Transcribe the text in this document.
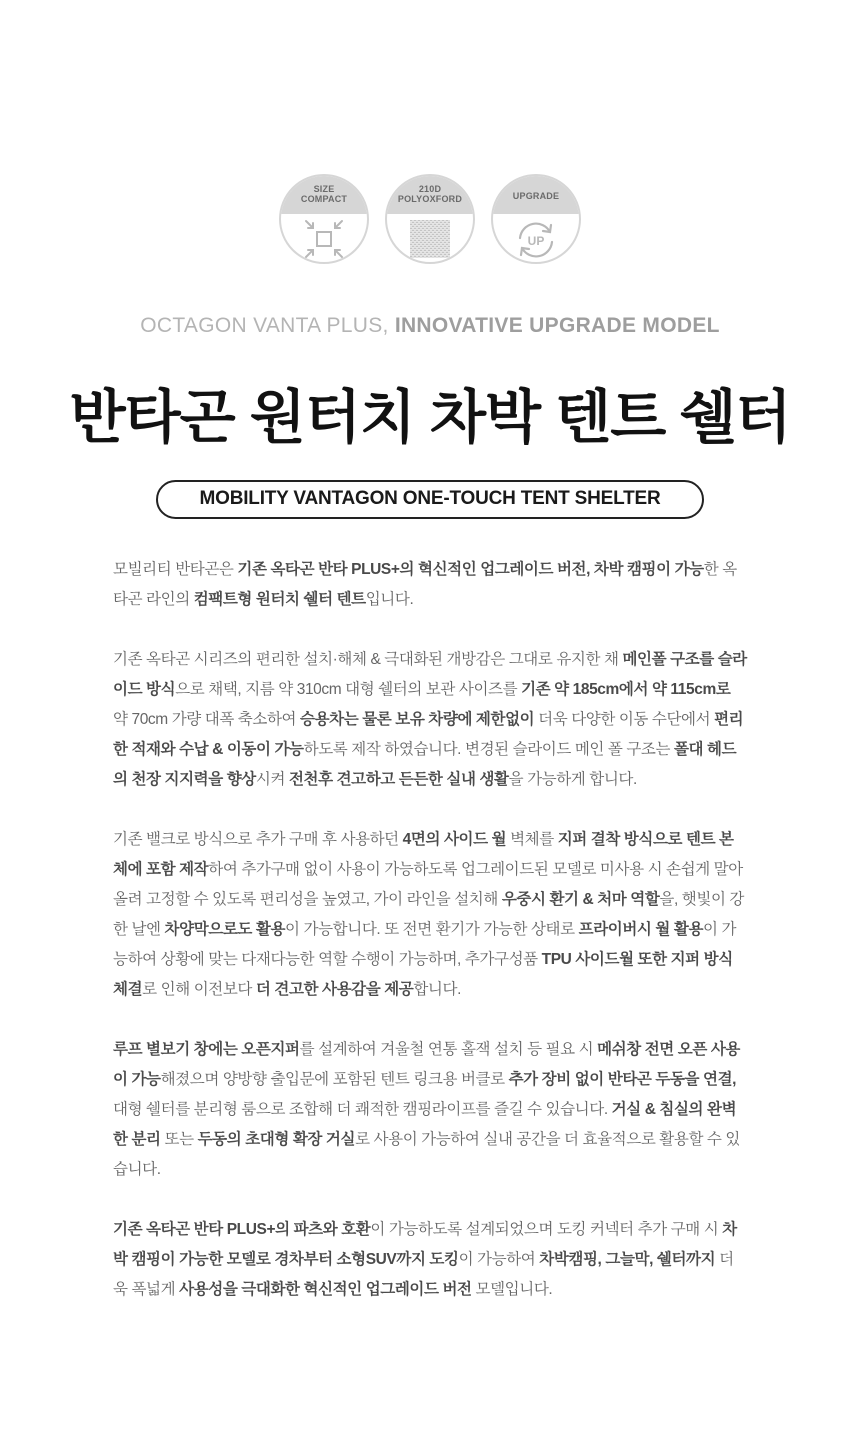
SIZE
COMPACT
210D
POLYOXFORD	UPGRADE
UP
OCTAGON VANTA PLUS, INNOVATIVE UPGRADE MODEL
반타곤 원터치 차박 텐트 쉘터
MOBILITY VANTAGON ONE-TOUCH TENT SHELTER

모빌리티 반타곤은 기존 옥타곤 반타 PLUS+의 혁신적인 업그레이드 버전, 차박 캠핑이 가능한 옥타곤 라인의 컴팩트형 원터치 쉘터 텐트입니다.

기존 옥타곤 시리즈의 편리한 설치·해체 & 극대화된 개방감은 그대로 유지한 채 메인폴 구조를 슬라이드 방식으로 채택, 지름 약 310cm 대형 쉘터의 보관 사이즈를 기존 약 185cm에서 약 115cm로 약 70cm 가량 대폭 축소하여 승용차는 물론 보유 차량에 제한없이 더욱 다양한 이동 수단에서 편리한 적재와 수납 & 이동이 가능하도록 제작 하였습니다. 변경된 슬라이드 메인 폴 구조는 폴대 헤드의 천장 지지력을 향상시켜 전천후 견고하고 든든한 실내 생활을 가능하게 합니다.

기존 밸크로 방식으로 추가 구매 후 사용하던 4면의 사이드 월 벽체를 지퍼 결착 방식으로 텐트 본체에 포함 제작하여 추가구매 없이 사용이 가능하도록 업그레이드된 모델로 미사용 시 손쉽게 말아올려 고정할 수 있도록 편리성을 높였고, 가이 라인을 설치해 우중시 환기 & 처마 역할을, 햇빛이 강한 날엔 차양막으로도 활용이 가능합니다. 또 전면 환기가 가능한 상태로 프라이버시 월 활용이 가능하여 상황에 맞는 다재다능한 역할 수행이 가능하며, 추가구성품 TPU 사이드월 또한 지퍼 방식 체결로 인해 이전보다 더 견고한 사용감을 제공합니다.

루프 별보기 창에는 오픈지퍼를 설계하여 겨울철 연통 홀잭 설치 등 필요 시 메쉬창 전면 오픈 사용이 가능해졌으며 양방향 출입문에 포함된 텐트 링크용 버클로 추가 장비 없이 반타곤 두동을 연결, 대형 쉘터를 분리형 룸으로 조합해 더 쾌적한 캠핑라이프를 즐길 수 있습니다. 거실 & 침실의 완벽한 분리 또는 두동의 초대형 확장 거실로 사용이 가능하여 실내 공간을 더 효율적으로 활용할 수 있습니다.

기존 옥타곤 반타 PLUS+의 파츠와 호환이 가능하도록 설계되었으며 도킹 커넥터 추가 구매 시 차박 캠핑이 가능한 모델로 경차부터 소형SUV까지 도킹이 가능하여 차박캠핑, 그늘막, 쉘터까지 더욱 폭넓게 사용성을 극대화한 혁신적인 업그레이드 버전 모델입니다.
